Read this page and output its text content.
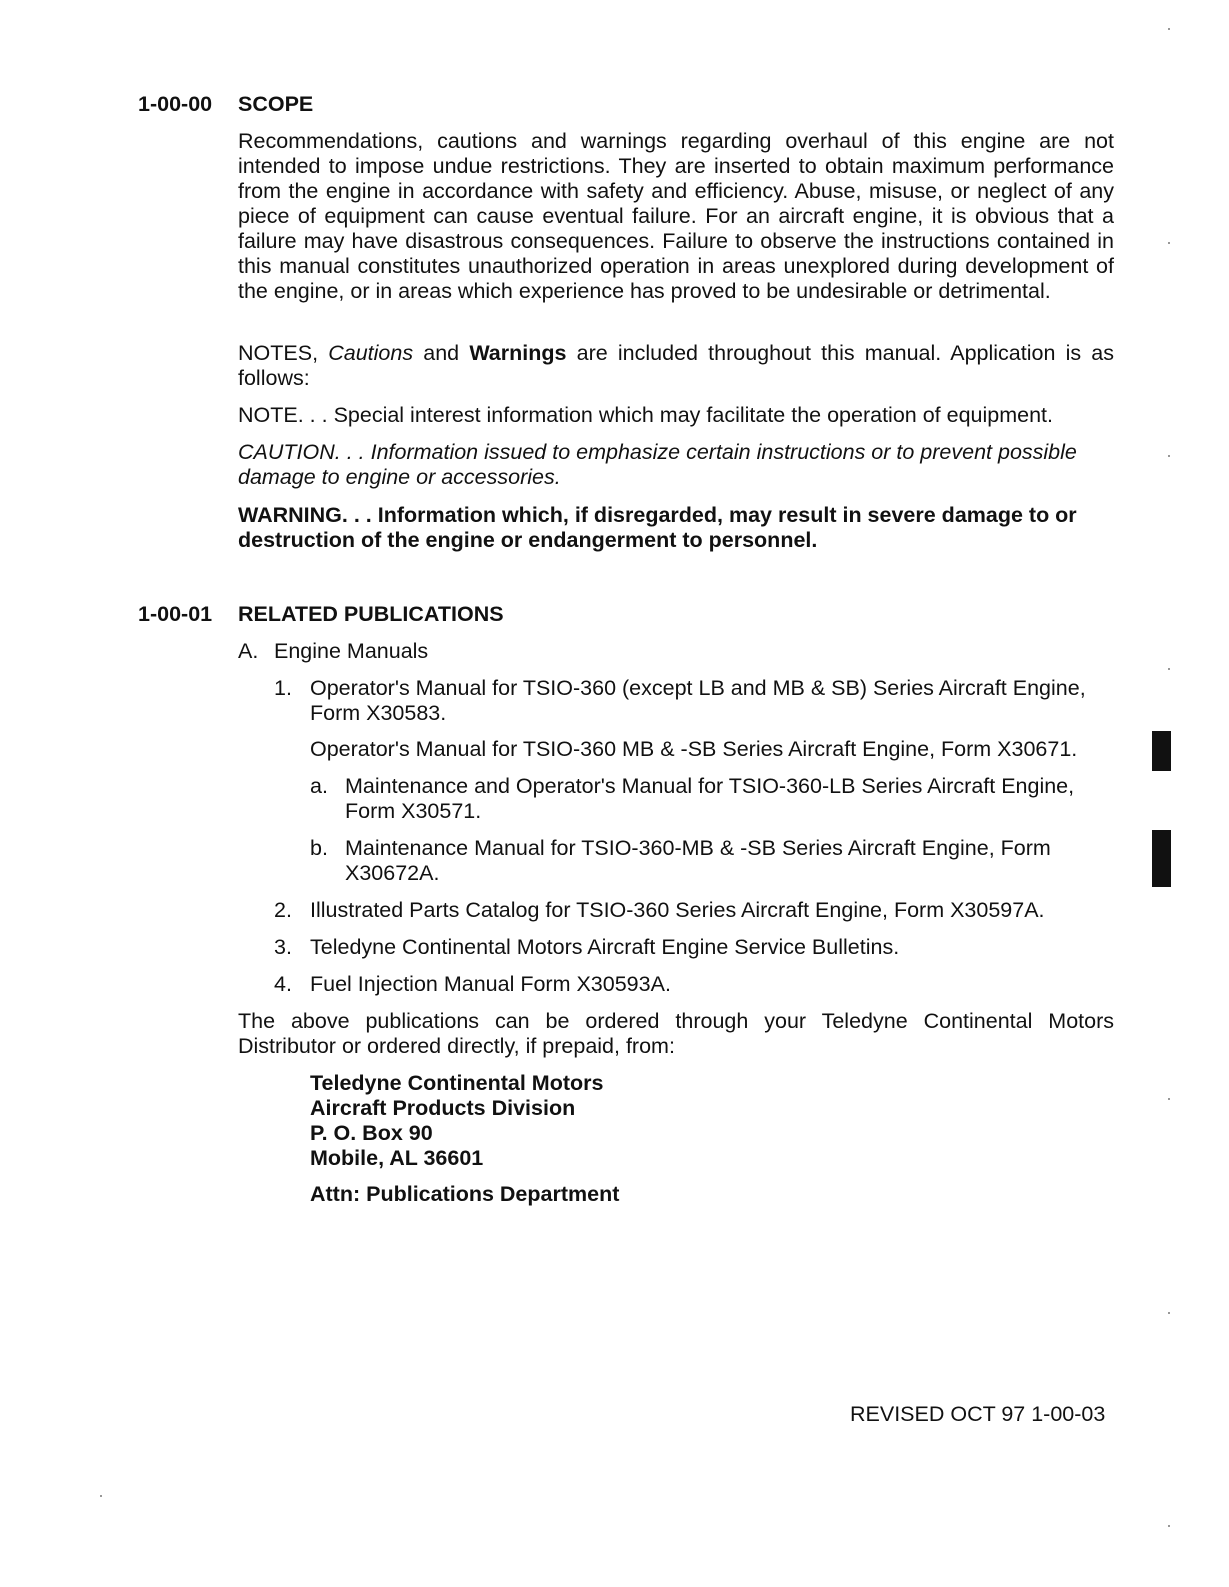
1-00-00 SCOPE
Recommendations, cautions and warnings regarding overhaul of this engine are not intended to impose undue restrictions. They are inserted to obtain maximum performance from the engine in accordance with safety and efficiency. Abuse, misuse, or neglect of any piece of equipment can cause eventual failure. For an aircraft engine, it is obvious that a failure may have disastrous consequences. Failure to observe the instructions contained in this manual constitutes unauthorized operation in areas unexplored during development of the engine, or in areas which experience has proved to be undesirable or detrimental.
NOTES, Cautions and Warnings are included throughout this manual. Application is as follows:
NOTE. . . Special interest information which may facilitate the operation of equipment.
CAUTION. . . Information issued to emphasize certain instructions or to prevent possible damage to engine or accessories.
WARNING. . . Information which, if disregarded, may result in severe damage to or destruction of the engine or endangerment to personnel.
1-00-01 RELATED PUBLICATIONS
A. Engine Manuals
1. Operator's Manual for TSIO-360 (except LB and MB & SB) Series Aircraft Engine, Form X30583.
Operator's Manual for TSIO-360 MB & -SB Series Aircraft Engine, Form X30671.
a. Maintenance and Operator's Manual for TSIO-360-LB Series Aircraft Engine, Form X30571.
b. Maintenance Manual for TSIO-360-MB & -SB Series Aircraft Engine, Form X30672A.
2. Illustrated Parts Catalog for TSIO-360 Series Aircraft Engine, Form X30597A.
3. Teledyne Continental Motors Aircraft Engine Service Bulletins.
4. Fuel Injection Manual Form X30593A.
The above publications can be ordered through your Teledyne Continental Motors Distributor or ordered directly, if prepaid, from:
Teledyne Continental Motors
Aircraft Products Division
P. O. Box 90
Mobile, AL 36601
Attn: Publications Department
REVISED OCT 97 1-00-03
